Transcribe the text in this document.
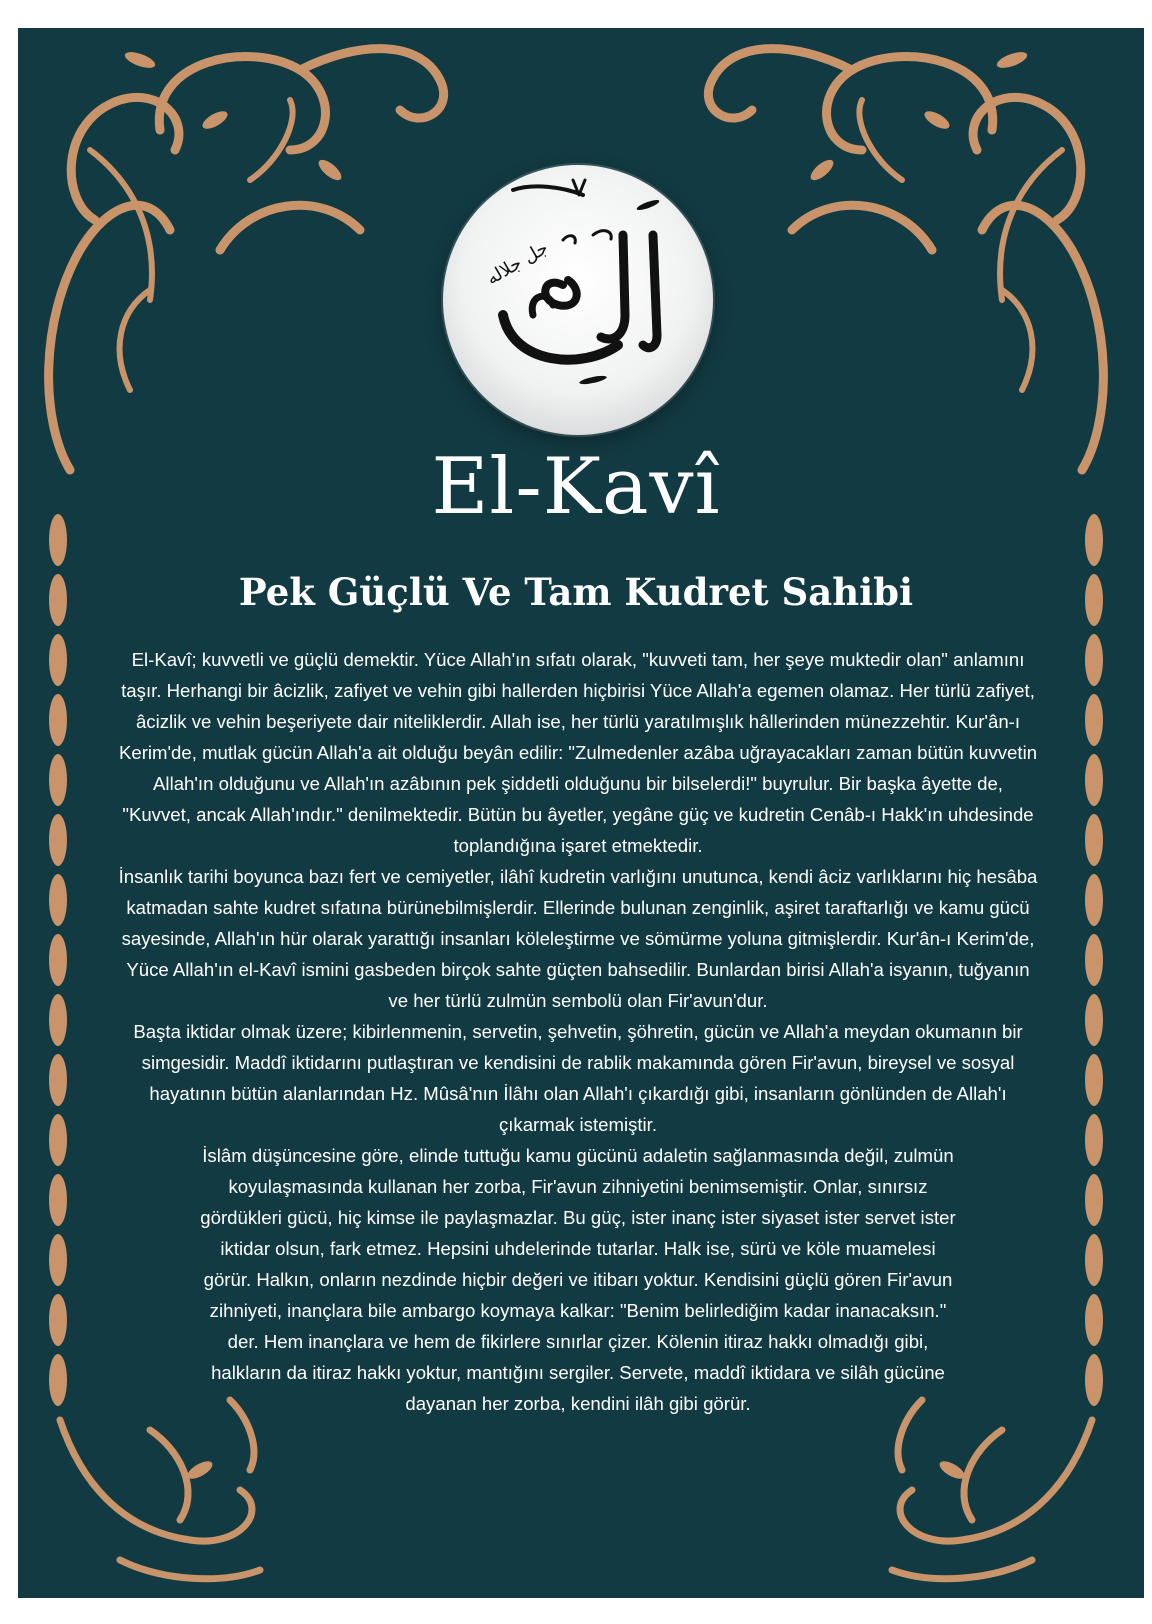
جل جلاله
El-Kavî
Pek Güçlü Ve Tam Kudret Sahibi

El-Kavî; kuvvetli ve güçlü demektir. Yüce Allah'ın sıfatı olarak, "kuvveti tam, her şeye muktedir olan" anlamını taşır. Herhangi bir âcizlik, zafiyet ve vehin gibi hallerden hiçbirisi Yüce Allah'a egemen olamaz. Her türlü zafiyet, âcizlik ve vehin beşeriyete dair niteliklerdir. Allah ise, her türlü yaratılmışlık hâllerinden münezzehtir. Kur'ân-ı Kerim'de, mutlak gücün Allah'a ait olduğu beyân edilir: "Zulmedenler azâba uğrayacakları zaman bütün kuvvetin Allah'ın olduğunu ve Allah'ın azâbının pek şiddetli olduğunu bir bilselerdi!" buyrulur. Bir başka âyette de, "Kuvvet, ancak Allah'ındır." denilmektedir. Bütün bu âyetler, yegâne güç ve kudretin Cenâb-ı Hakk'ın uhdesinde toplandığına işaret etmektedir.

İnsanlık tarihi boyunca bazı fert ve cemiyetler, ilâhî kudretin varlığını unutunca, kendi âciz varlıklarını hiç hesâba katmadan sahte kudret sıfatına bürünebilmişlerdir. Ellerinde bulunan zenginlik, aşiret taraftarlığı ve kamu gücü sayesinde, Allah'ın hür olarak yarattığı insanları köleleştirme ve sömürme yoluna gitmişlerdir. Kur'ân-ı Kerim'de, Yüce Allah'ın el-Kavî ismini gasbeden birçok sahte güçten bahsedilir. Bunlardan birisi Allah'a isyanın, tuğyanın ve her türlü zulmün sembolü olan Fir'avun'dur.

Başta iktidar olmak üzere; kibirlenmenin, servetin, şehvetin, şöhretin, gücün ve Allah'a meydan okumanın bir simgesidir. Maddî iktidarını putlaştıran ve kendisini de rablik makamında gören Fir'avun, bireysel ve sosyal hayatının bütün alanlarından Hz. Mûsâ'nın İlâhı olan Allah'ı çıkardığı gibi, insanların gönlünden de Allah'ı çıkarmak istemiştir.

İslâm düşüncesine göre, elinde tuttuğu kamu gücünü adaletin sağlanmasında değil, zulmün koyulaşmasında kullanan her zorba, Fir'avun zihniyetini benimsemiştir. Onlar, sınırsız gördükleri gücü, hiç kimse ile paylaşmazlar. Bu güç, ister inanç ister siyaset ister servet ister iktidar olsun, fark etmez. Hepsini uhdelerinde tutarlar. Halk ise, sürü ve köle muamelesi görür. Halkın, onların nezdinde hiçbir değeri ve itibarı yoktur. Kendisini güçlü gören Fir'avun zihniyeti, inançlara bile ambargo koymaya kalkar: "Benim belirlediğim kadar inanacaksın." der. Hem inançlara ve hem de fikirlere sınırlar çizer. Kölenin itiraz hakkı olmadığı gibi, halkların da itiraz hakkı yoktur, mantığını sergiler. Servete, maddî iktidara ve silâh gücüne dayanan her zorba, kendini ilâh gibi görür.
